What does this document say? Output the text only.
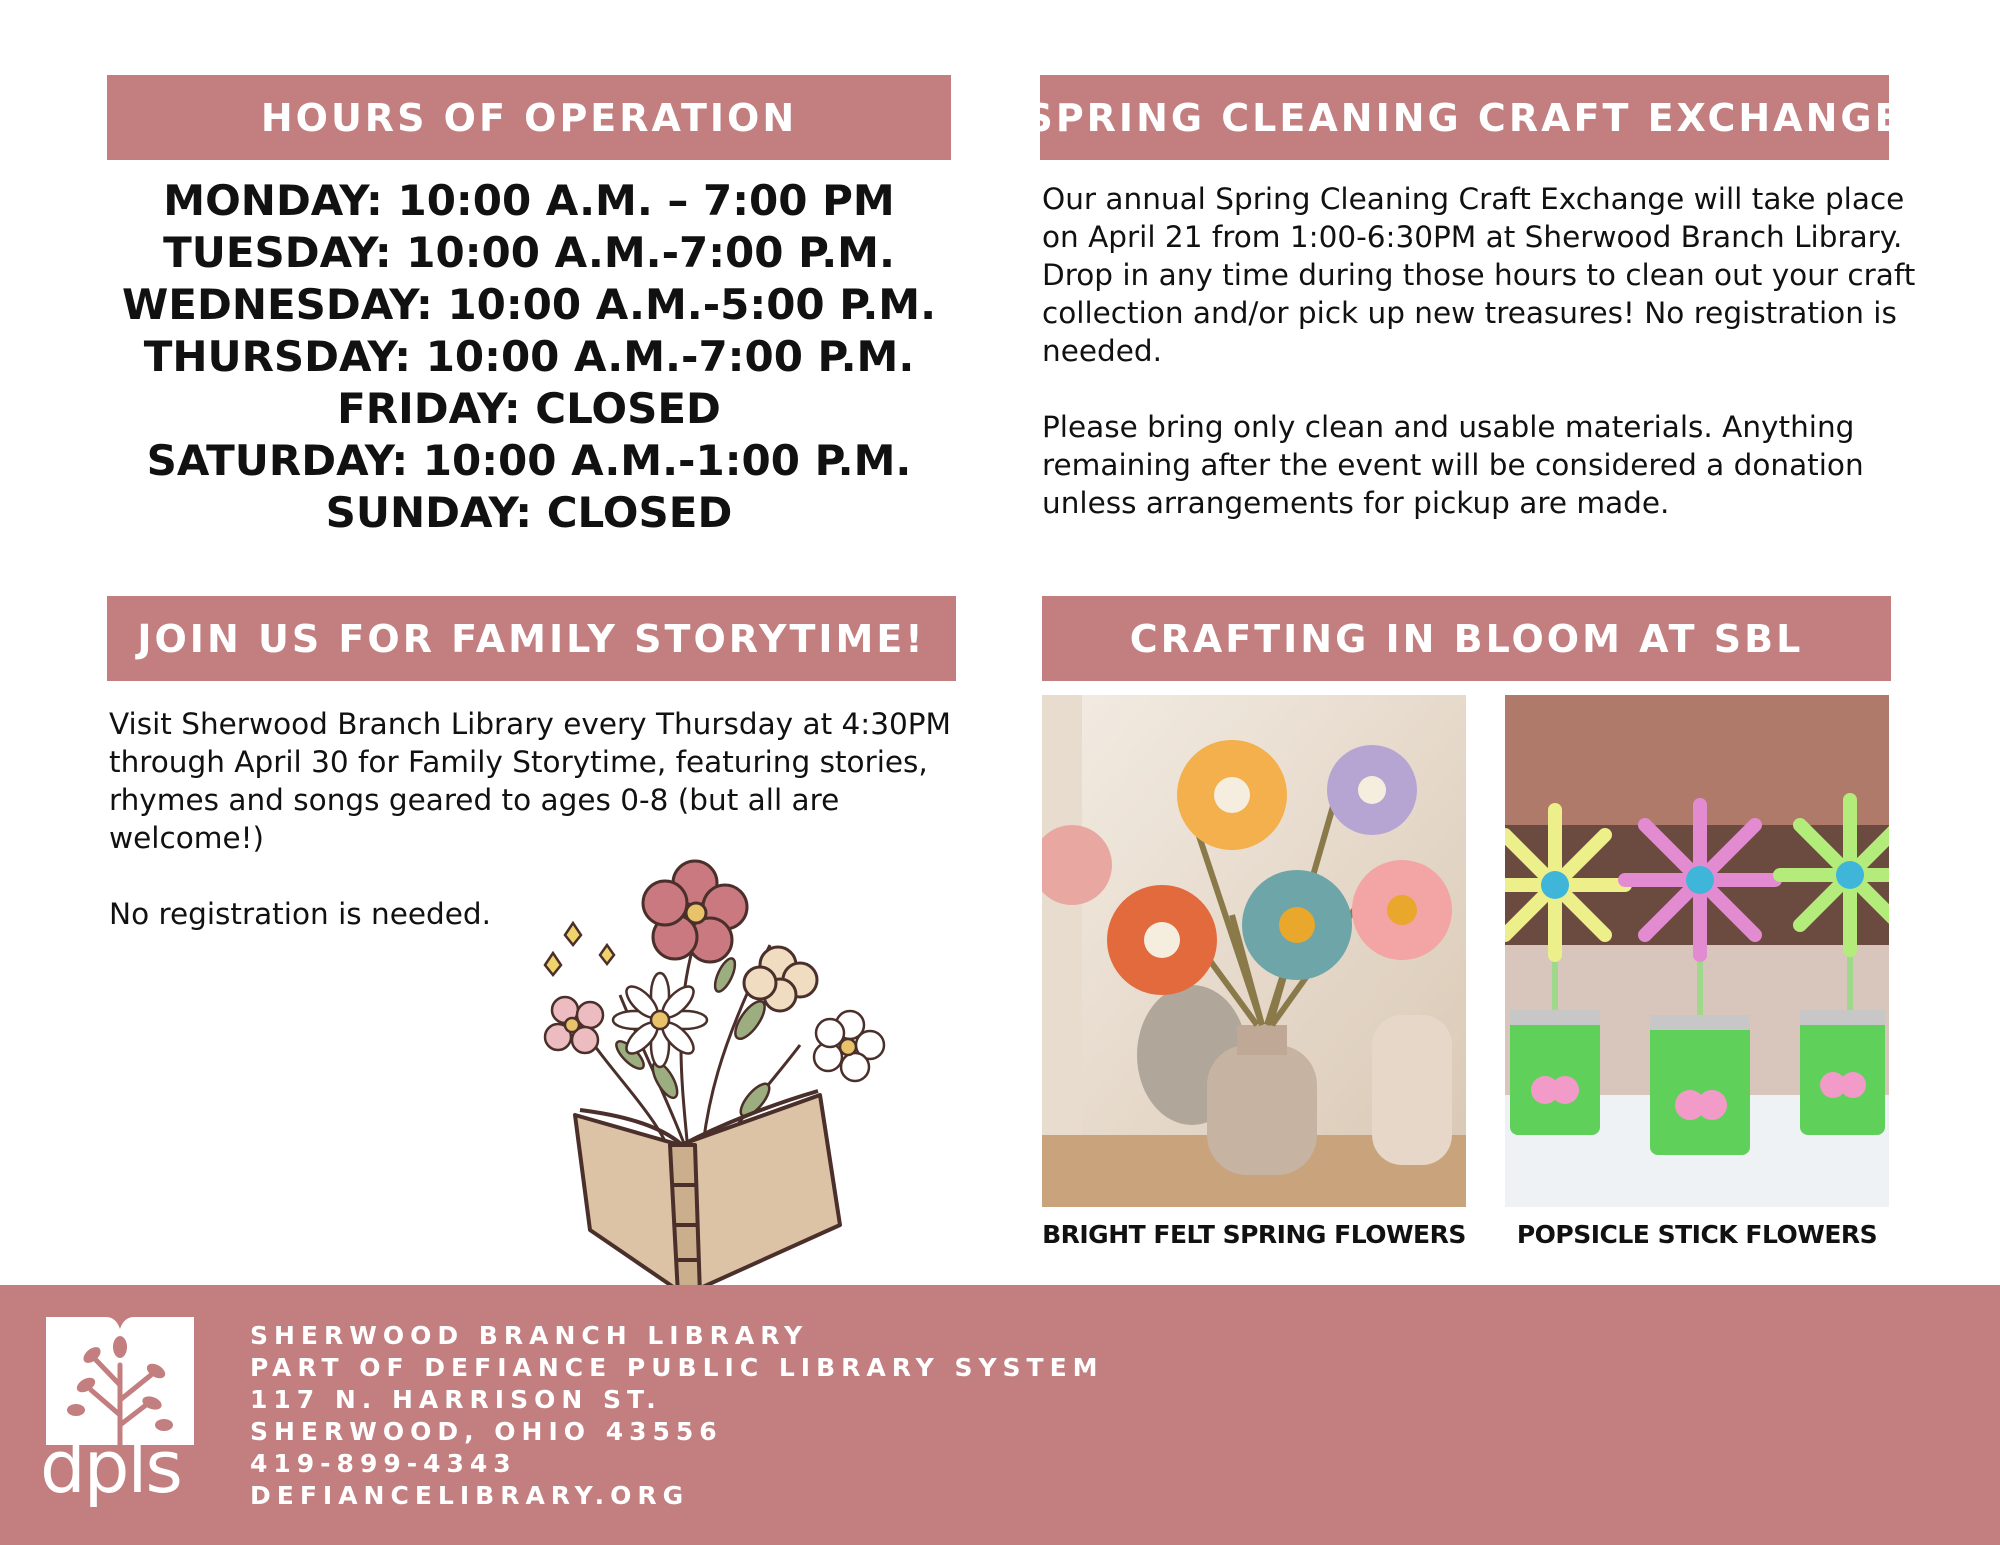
HOURS OF OPERATION	SPRING CLEANING CRAFT EXCHANGE
JOIN US FOR FAMILY STORYTIME!	CRAFTING IN BLOOM AT SBL
MONDAY: 10:00 A.M. – 7:00 PM
TUESDAY: 10:00 A.M.-7:00 P.M.
WEDNESDAY: 10:00 A.M.-5:00 P.M.
THURSDAY: 10:00 A.M.-7:00 P.M.
FRIDAY: CLOSED
SATURDAY: 10:00 A.M.-1:00 P.M.
SUNDAY: CLOSED

Our annual Spring Cleaning Craft Exchange will take place on April 21 from 1:00-6:30PM at Sherwood Branch Library. Drop in any time during those hours to clean out your craft collection and/or pick up new treasures! No registration is needed.

Please bring only clean and usable materials. Anything remaining after the event will be considered a donation unless arrangements for pickup are made.

Visit Sherwood Branch Library every Thursday at 4:30PM through April 30 for Family Storytime, featuring stories, rhymes and songs geared to ages 0-8 (but all are welcome!)

No registration is needed.

BRIGHT FELT SPRING FLOWERS	POPSICLE STICK FLOWERS
dpls
SHERWOOD BRANCH LIBRARY
PART OF DEFIANCE PUBLIC LIBRARY SYSTEM
117 N. HARRISON ST.
SHERWOOD, OHIO 43556
419-899-4343
DEFIANCELIBRARY.ORG
